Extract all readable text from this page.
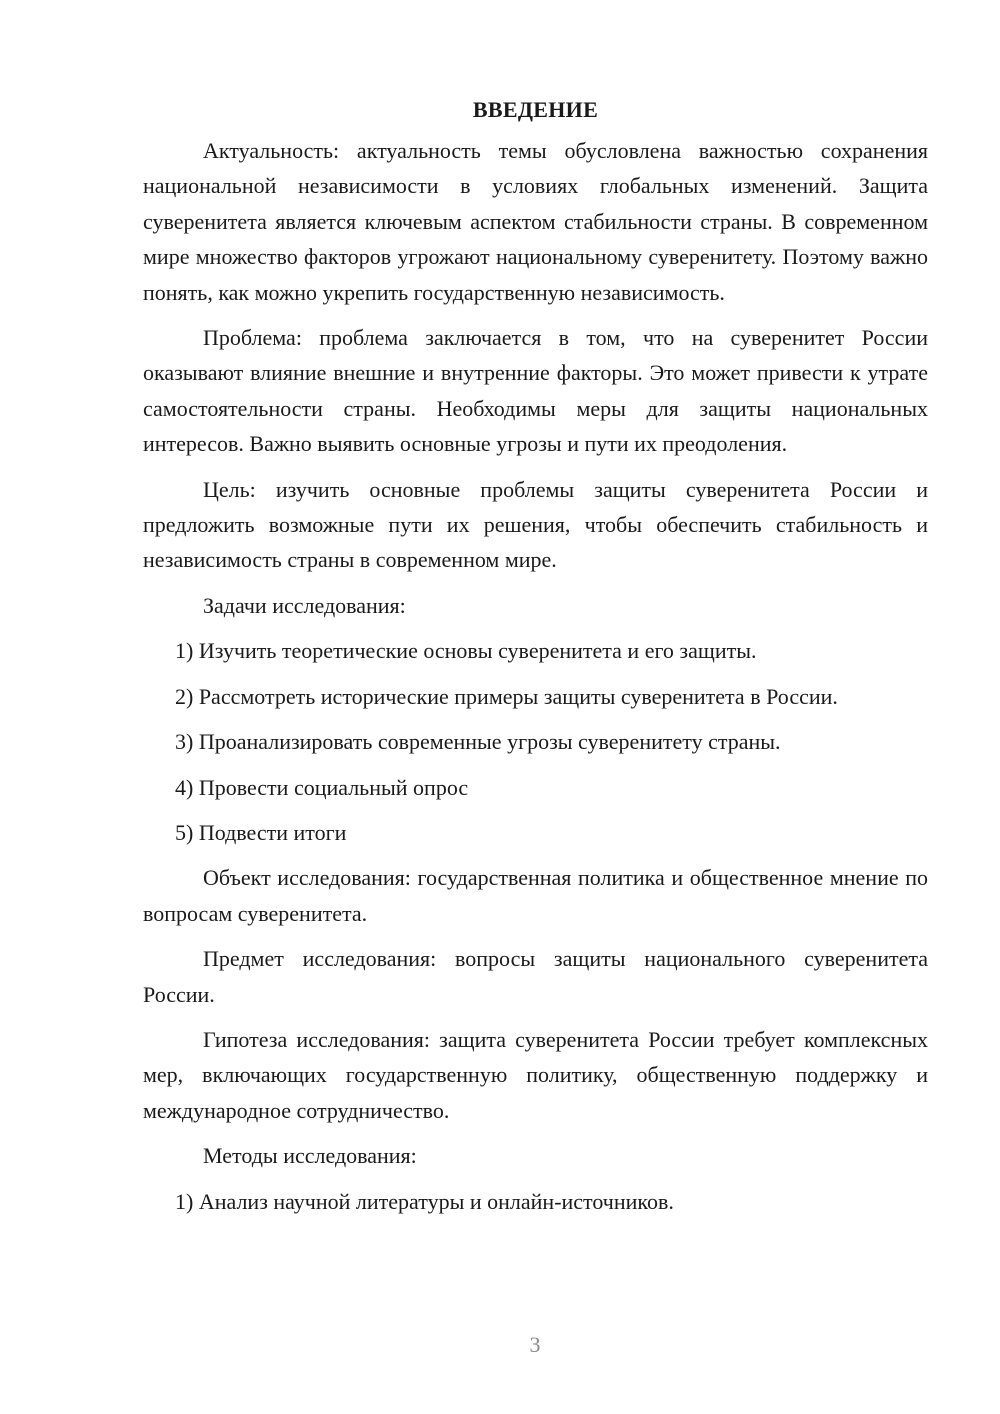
ВВЕДЕНИЕ

Актуальность: актуальность темы обусловлена важностью сохранения национальной независимости в условиях глобальных изменений. Защита суверенитета является ключевым аспектом стабильности страны. В современном мире множество факторов угрожают национальному суверенитету. Поэтому важно понять, как можно укрепить государственную независимость.

Проблема: проблема заключается в том, что на суверенитет России оказывают влияние внешние и внутренние факторы. Это может привести к утрате самостоятельности страны. Необходимы меры для защиты национальных интересов. Важно выявить основные угрозы и пути их преодоления.

Цель: изучить основные проблемы защиты суверенитета России и предложить возможные пути их решения, чтобы обеспечить стабильность и независимость страны в современном мире.

Задачи исследования:

1) Изучить теоретические основы суверенитета и его защиты.
2) Рассмотреть исторические примеры защиты суверенитета в России.
3) Проанализировать современные угрозы суверенитету страны.
4) Провести социальный опрос
5) Подвести итоги

Объект исследования: государственная политика и общественное мнение по вопросам суверенитета.

Предмет исследования: вопросы защиты национального суверенитета России.

Гипотеза исследования: защита суверенитета России требует комплексных мер, включающих государственную политику, общественную поддержку и международное сотрудничество.

Методы исследования:

1) Анализ научной литературы и онлайн-источников.
3
